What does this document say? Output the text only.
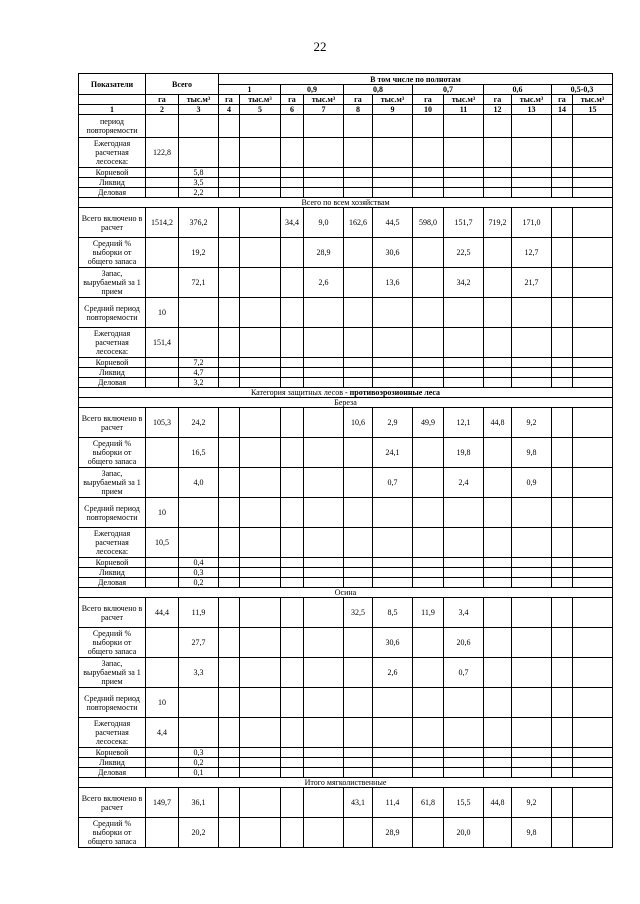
22
Показатели	Всего		В том числе по полнотам											
			1		0,9		0,8		0,7		0,6		0,5-0,3	
	га	тыс.м³	га	тыс.м³	га	тыс.м³	га	тыс.м³	га	тыс.м³	га	тыс.м³	га	тыс.м³
1	2	3	4	5	6	7	8	9	10	11	12	13	14	15
период повторяемости														
Ежегодная расчетная лесосека:	122,8													
Корневой		5,8												
Ликвид		3,5												
Деловая		2,2												
Всего по всем хозяйствам														
Всего включено в расчет	1514,2	376,2			34,4	9,0	162,6	44,5	598,0	151,7	719,2	171,0		
Средний % выборки от общего запаса		19,2				28,9		30,6		22,5		12,7		
Запас, вырубаемый за 1 прием		72,1				2,6		13,6		34,2		21,7		
Средний период повторяемости	10													
Ежегодная расчетная лесосека:	151,4													
Корневой		7,2												
Ликвид		4,7												
Деловая		3,2												
Категория защитных лесов - противоэрозионные леса														
Береза														
Всего включено в расчет	105,3	24,2					10,6	2,9	49,9	12,1	44,8	9,2		
Средний % выборки от общего запаса		16,5						24,1		19,8		9,8		
Запас, вырубаемый за 1 прием		4,0						0,7		2,4		0,9		
Средний период повторяемости	10													
Ежегодная расчетная лесосека:	10,5													
Корневой		0,4												
Ликвид		0,3												
Деловая		0,2												
Осина														
Всего включено в расчет	44,4	11,9					32,5	8,5	11,9	3,4				
Средний % выборки от общего запаса		27,7						30,6		20,6				
Запас, вырубаемый за 1 прием		3,3						2,6		0,7				
Средний период повторяемости	10													
Ежегодная расчетная лесосека:	4,4													
Корневой		0,3												
Ликвид		0,2												
Деловая		0,1												
Итого мягколиственные														
Всего включено в расчет	149,7	36,1					43,1	11,4	61,8	15,5	44,8	9,2		
Средний % выборки от общего запаса		20,2						28,9		20,0		9,8		
